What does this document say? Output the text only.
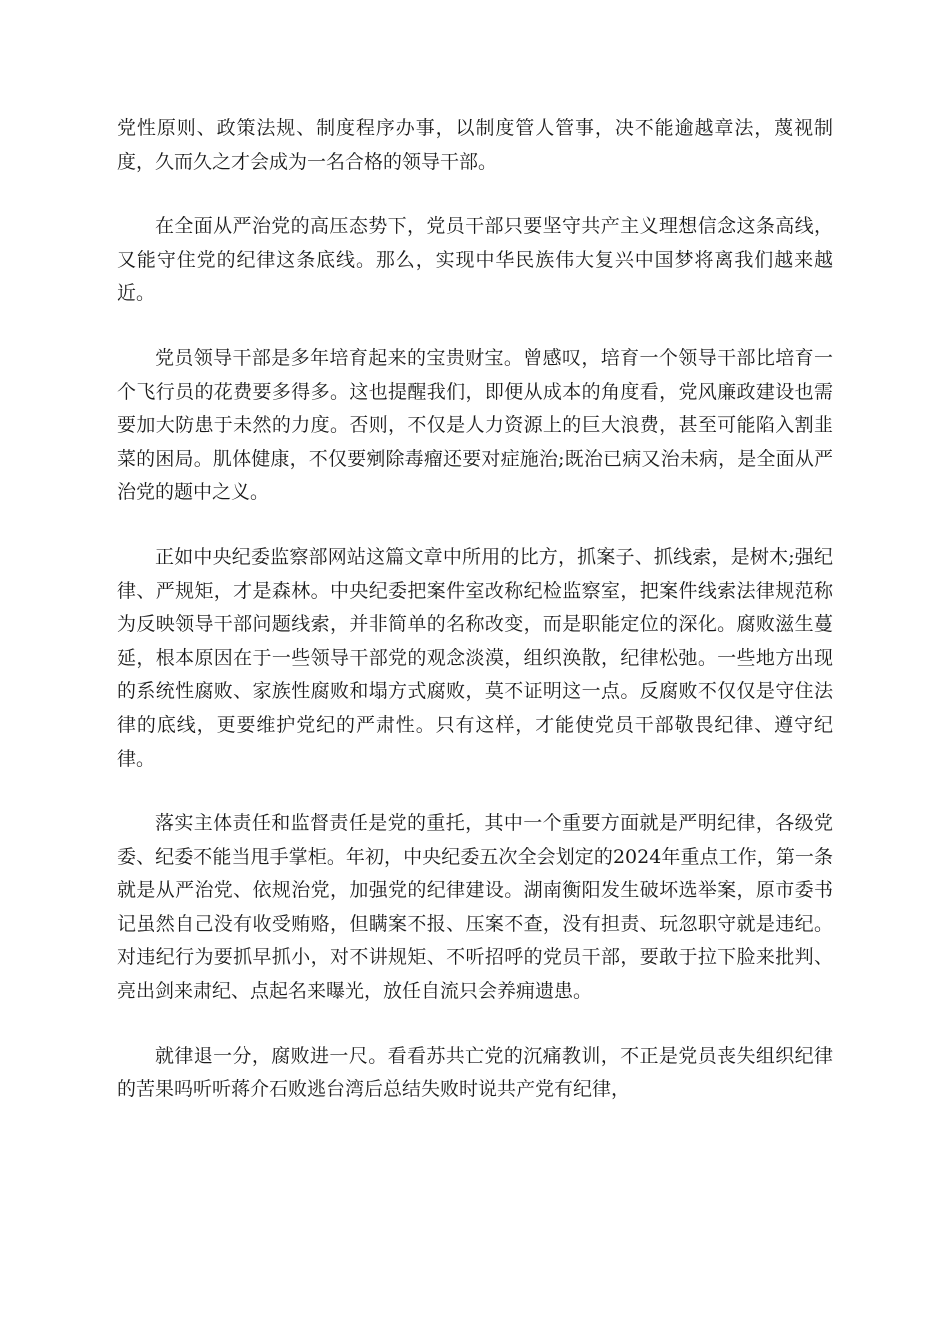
党性原则、政策法规、制度程序办事，以制度管人管事，决不能逾越章法，蔑视制度，久而久之才会成为一名合格的领导干部。

在全面从严治党的高压态势下，党员干部只要坚守共产主义理想信念这条高线，又能守住党的纪律这条底线。那么，实现中华民族伟大复兴中国梦将离我们越来越近。

党员领导干部是多年培育起来的宝贵财宝。曾感叹，培育一个领导干部比培育一个飞行员的花费要多得多。这也提醒我们，即便从成本的角度看，党风廉政建设也需要加大防患于未然的力度。否则，不仅是人力资源上的巨大浪费，甚至可能陷入割韭菜的困局。肌体健康，不仅要剜除毒瘤还要对症施治;既治已病又治未病，是全面从严治党的题中之义。

正如中央纪委监察部网站这篇文章中所用的比方，抓案子、抓线索，是树木;强纪律、严规矩，才是森林。中央纪委把案件室改称纪检监察室，把案件线索法律规范称为反映领导干部问题线索，并非简单的名称改变，而是职能定位的深化。腐败滋生蔓延，根本原因在于一些领导干部党的观念淡漠，组织涣散，纪律松弛。一些地方出现的系统性腐败、家族性腐败和塌方式腐败，莫不证明这一点。反腐败不仅仅是守住法律的底线，更要维护党纪的严肃性。只有这样，才能使党员干部敬畏纪律、遵守纪律。

落实主体责任和监督责任是党的重托，其中一个重要方面就是严明纪律，各级党委、纪委不能当甩手掌柜。年初，中央纪委五次全会划定的2024年重点工作，第一条就是从严治党、依规治党，加强党的纪律建设。湖南衡阳发生破坏选举案，原市委书记虽然自己没有收受贿赂，但瞒案不报、压案不查，没有担责、玩忽职守就是违纪。对违纪行为要抓早抓小，对不讲规矩、不听招呼的党员干部，要敢于拉下脸来批判、亮出剑来肃纪、点起名来曝光，放任自流只会养痈遗患。

就律退一分，腐败进一尺。看看苏共亡党的沉痛教训，不正是党员丧失组织纪律的苦果吗听听蒋介石败逃台湾后总结失败时说共产党有纪律，
